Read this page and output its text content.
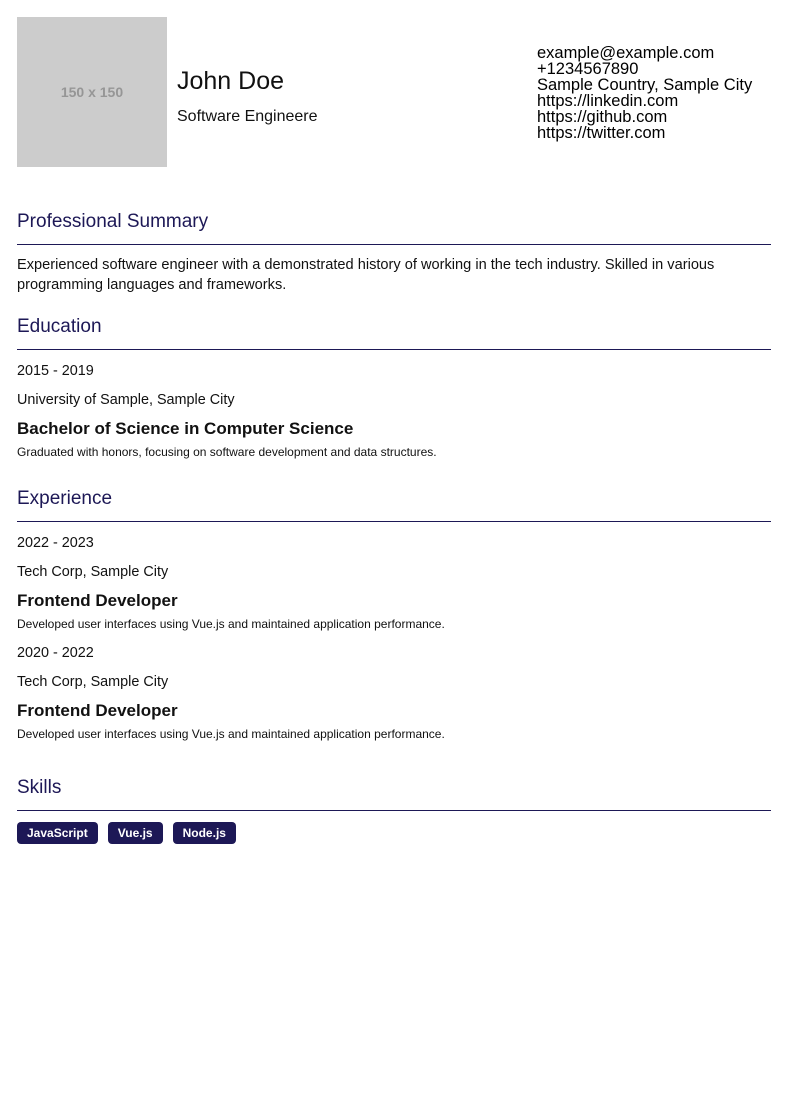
150 x 150 John Doe
Software Engineere
example@example.com
+1234567890
Sample Country, Sample City
https://linkedin.com
https://github.com
https://twitter.com
Professional Summary
Experienced software engineer with a demonstrated history of working in the tech industry. Skilled in various programming languages and frameworks.
Education
2015 - 2019
University of Sample, Sample City
Bachelor of Science in Computer Science
Graduated with honors, focusing on software development and data structures.
Experience
2022 - 2023
Tech Corp, Sample City
Frontend Developer
Developed user interfaces using Vue.js and maintained application performance.
2020 - 2022
Tech Corp, Sample City
Frontend Developer
Developed user interfaces using Vue.js and maintained application performance.
Skills
JavaScript	Vue.js	Node.js
